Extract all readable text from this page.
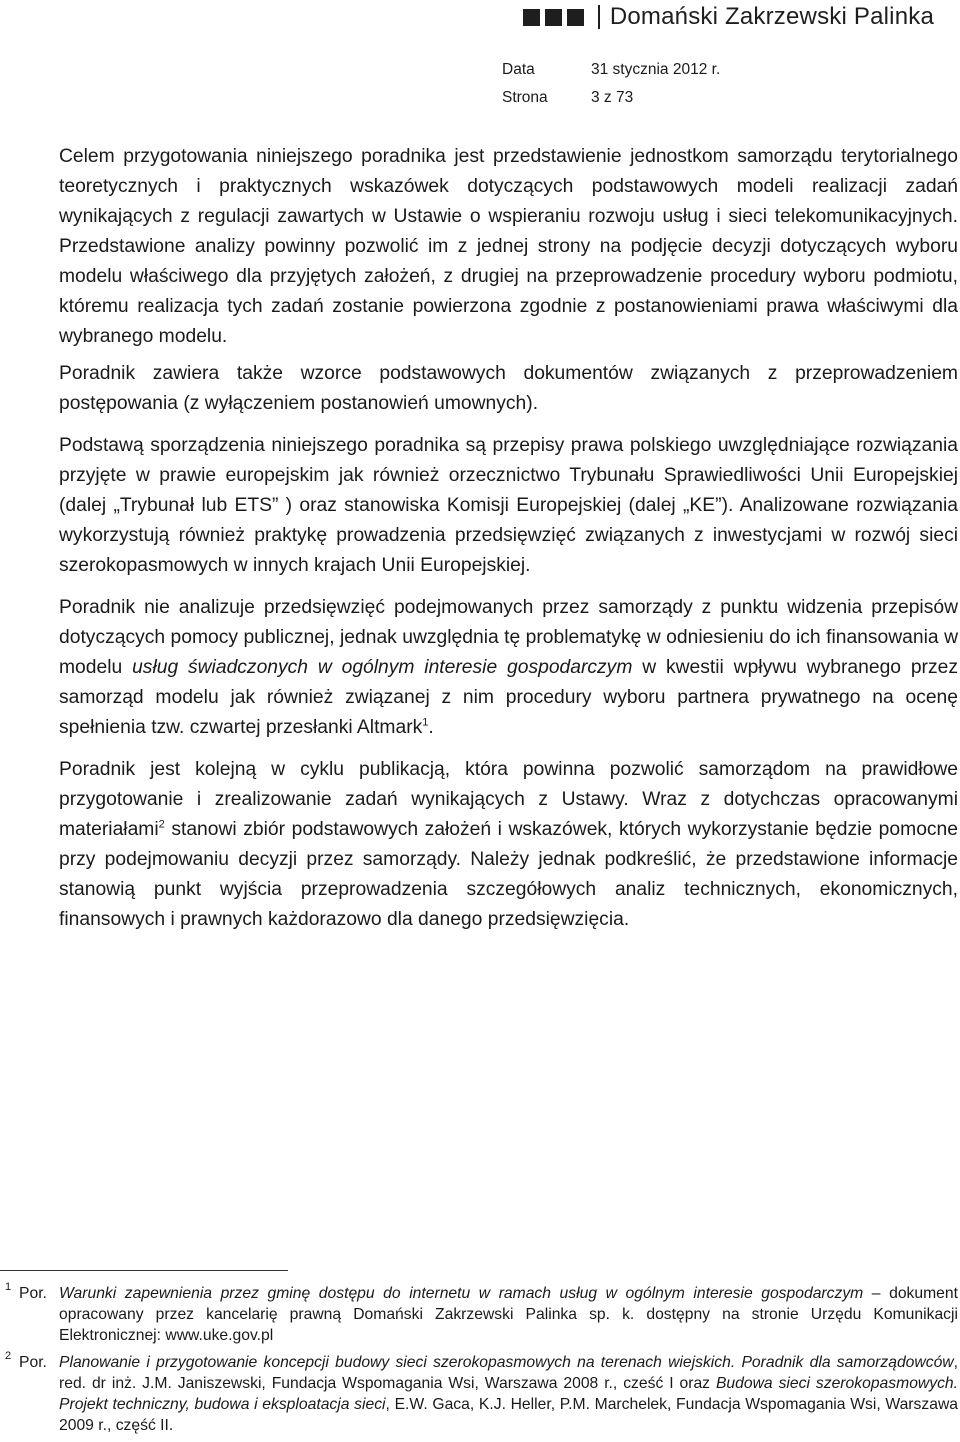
Domański Zakrzewski Palinka
Data	31 stycznia 2012 r.
Strona	3 z 73

Celem przygotowania niniejszego poradnika jest przedstawienie jednostkom samorządu terytorialnego teoretycznych i praktycznych wskazówek dotyczących podstawowych modeli realizacji zadań wynikających z regulacji zawartych w Ustawie o wspieraniu rozwoju usług i sieci telekomunikacyjnych. Przedstawione analizy powinny pozwolić im z jednej strony na podjęcie decyzji dotyczących wyboru modelu właściwego dla przyjętych założeń, z drugiej na przeprowadzenie procedury wyboru podmiotu, któremu realizacja tych zadań zostanie powierzona zgodnie z postanowieniami prawa właściwymi dla wybranego modelu.

Poradnik zawiera także wzorce podstawowych dokumentów związanych z przeprowadzeniem postępowania (z wyłączeniem postanowień umownych).

Podstawą sporządzenia niniejszego poradnika są przepisy prawa polskiego uwzględniające rozwiązania przyjęte w prawie europejskim jak również orzecznictwo Trybunału Sprawiedliwości Unii Europejskiej (dalej „Trybunał lub ETS” ) oraz stanowiska Komisji Europejskiej (dalej „KE”). Analizowane rozwiązania wykorzystują również praktykę prowadzenia przedsięwzięć związanych z inwestycjami w rozwój sieci szerokopasmowych w innych krajach Unii Europejskiej.

Poradnik nie analizuje przedsięwzięć podejmowanych przez samorządy z punktu widzenia przepisów dotyczących pomocy publicznej, jednak uwzględnia tę problematykę w odniesieniu do ich finansowania w modelu usług świadczonych w ogólnym interesie gospodarczym w kwestii wpływu wybranego przez samorząd modelu jak również związanej z nim procedury wyboru partnera prywatnego na ocenę spełnienia tzw. czwartej przesłanki Altmark$^1$.

Poradnik jest kolejną w cyklu publikacją, która powinna pozwolić samorządom na prawidłowe przygotowanie i zrealizowanie zadań wynikających z Ustawy. Wraz z dotychczas opracowanymi materiałami$^2$ stanowi zbiór podstawowych założeń i wskazówek, których wykorzystanie będzie pomocne przy podejmowaniu decyzji przez samorządy. Należy jednak podkreślić, że przedstawione informacje stanowią punkt wyjścia przeprowadzenia szczegółowych analiz technicznych, ekonomicznych, finansowych i prawnych każdorazowo dla danego przedsięwzięcia.

1 Por. Warunki zapewnienia przez gminę dostępu do internetu w ramach usług w ogólnym interesie gospodarczym – dokument opracowany przez kancelarię prawną Domański Zakrzewski Palinka sp. k. dostępny na stronie Urzędu Komunikacji Elektronicznej: www.uke.gov.pl
2 Por. Planowanie i przygotowanie koncepcji budowy sieci szerokopasmowych na terenach wiejskich. Poradnik dla samorządowców, red. dr inż. J.M. Janiszewski, Fundacja Wspomagania Wsi, Warszawa 2008 r., cześć I oraz Budowa sieci szerokopasmowych. Projekt techniczny, budowa i eksploatacja sieci, E.W. Gaca, K.J. Heller, P.M. Marchelek, Fundacja Wspomagania Wsi, Warszawa 2009 r., część II.
